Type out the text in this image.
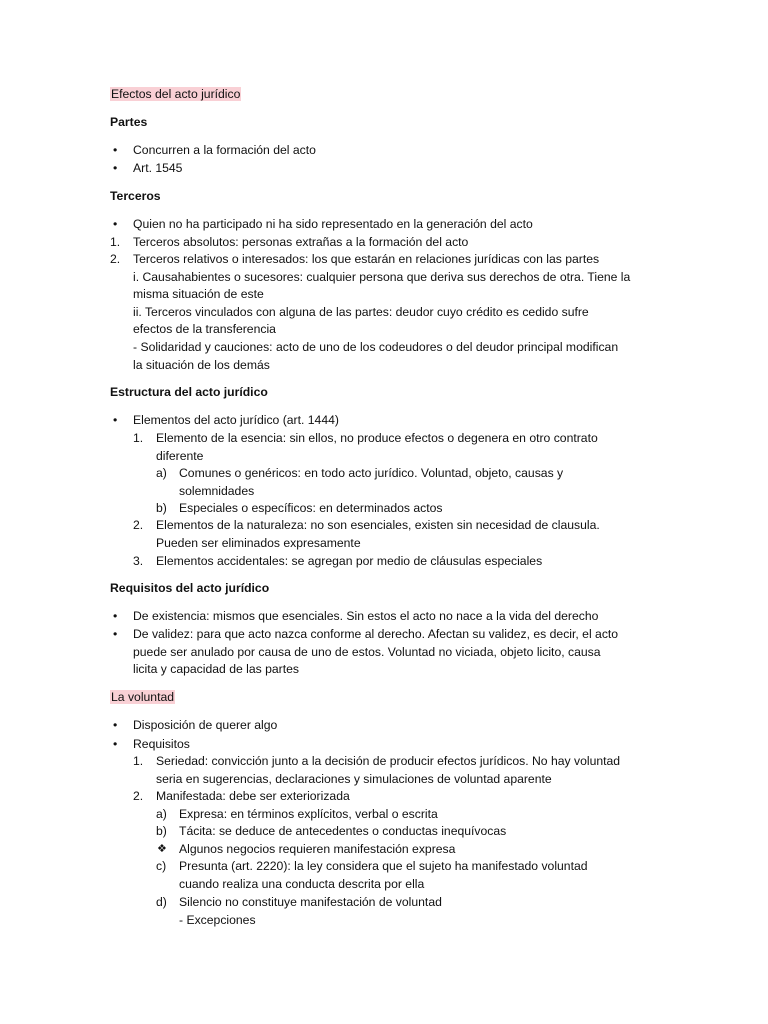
Efectos del acto jurídico
Partes
• Concurren a la formación del acto
• Art. 1545
Terceros
• Quien no ha participado ni ha sido representado en la generación del acto
1. Terceros absolutos: personas extrañas a la formación del acto
2. Terceros relativos o interesados: los que estarán en relaciones jurídicas con las partes
i. Causahabientes o sucesores: cualquier persona que deriva sus derechos de otra. Tiene la
misma situación de este
ii. Terceros vinculados con alguna de las partes: deudor cuyo crédito es cedido sufre
efectos de la transferencia
- Solidaridad y cauciones: acto de uno de los codeudores o del deudor principal modifican
la situación de los demás
Estructura del acto jurídico
• Elementos del acto jurídico (art. 1444)
1. Elemento de la esencia: sin ellos, no produce efectos o degenera en otro contrato
diferente
a) Comunes o genéricos: en todo acto jurídico. Voluntad, objeto, causas y
solemnidades
b) Especiales o específicos: en determinados actos
2. Elementos de la naturaleza: no son esenciales, existen sin necesidad de clausula.
Pueden ser eliminados expresamente
3. Elementos accidentales: se agregan por medio de cláusulas especiales
Requisitos del acto jurídico
• De existencia: mismos que esenciales. Sin estos el acto no nace a la vida del derecho
• De validez: para que acto nazca conforme al derecho. Afectan su validez, es decir, el acto
puede ser anulado por causa de uno de estos. Voluntad no viciada, objeto licito, causa
licita y capacidad de las partes
La voluntad
• Disposición de querer algo
• Requisitos
1. Seriedad: convicción junto a la decisión de producir efectos jurídicos. No hay voluntad
seria en sugerencias, declaraciones y simulaciones de voluntad aparente
2. Manifestada: debe ser exteriorizada
a) Expresa: en términos explícitos, verbal o escrita
b) Tácita: se deduce de antecedentes o conductas inequívocas
❖ Algunos negocios requieren manifestación expresa
c) Presunta (art. 2220): la ley considera que el sujeto ha manifestado voluntad
cuando realiza una conducta descrita por ella
d) Silencio no constituye manifestación de voluntad
- Excepciones
